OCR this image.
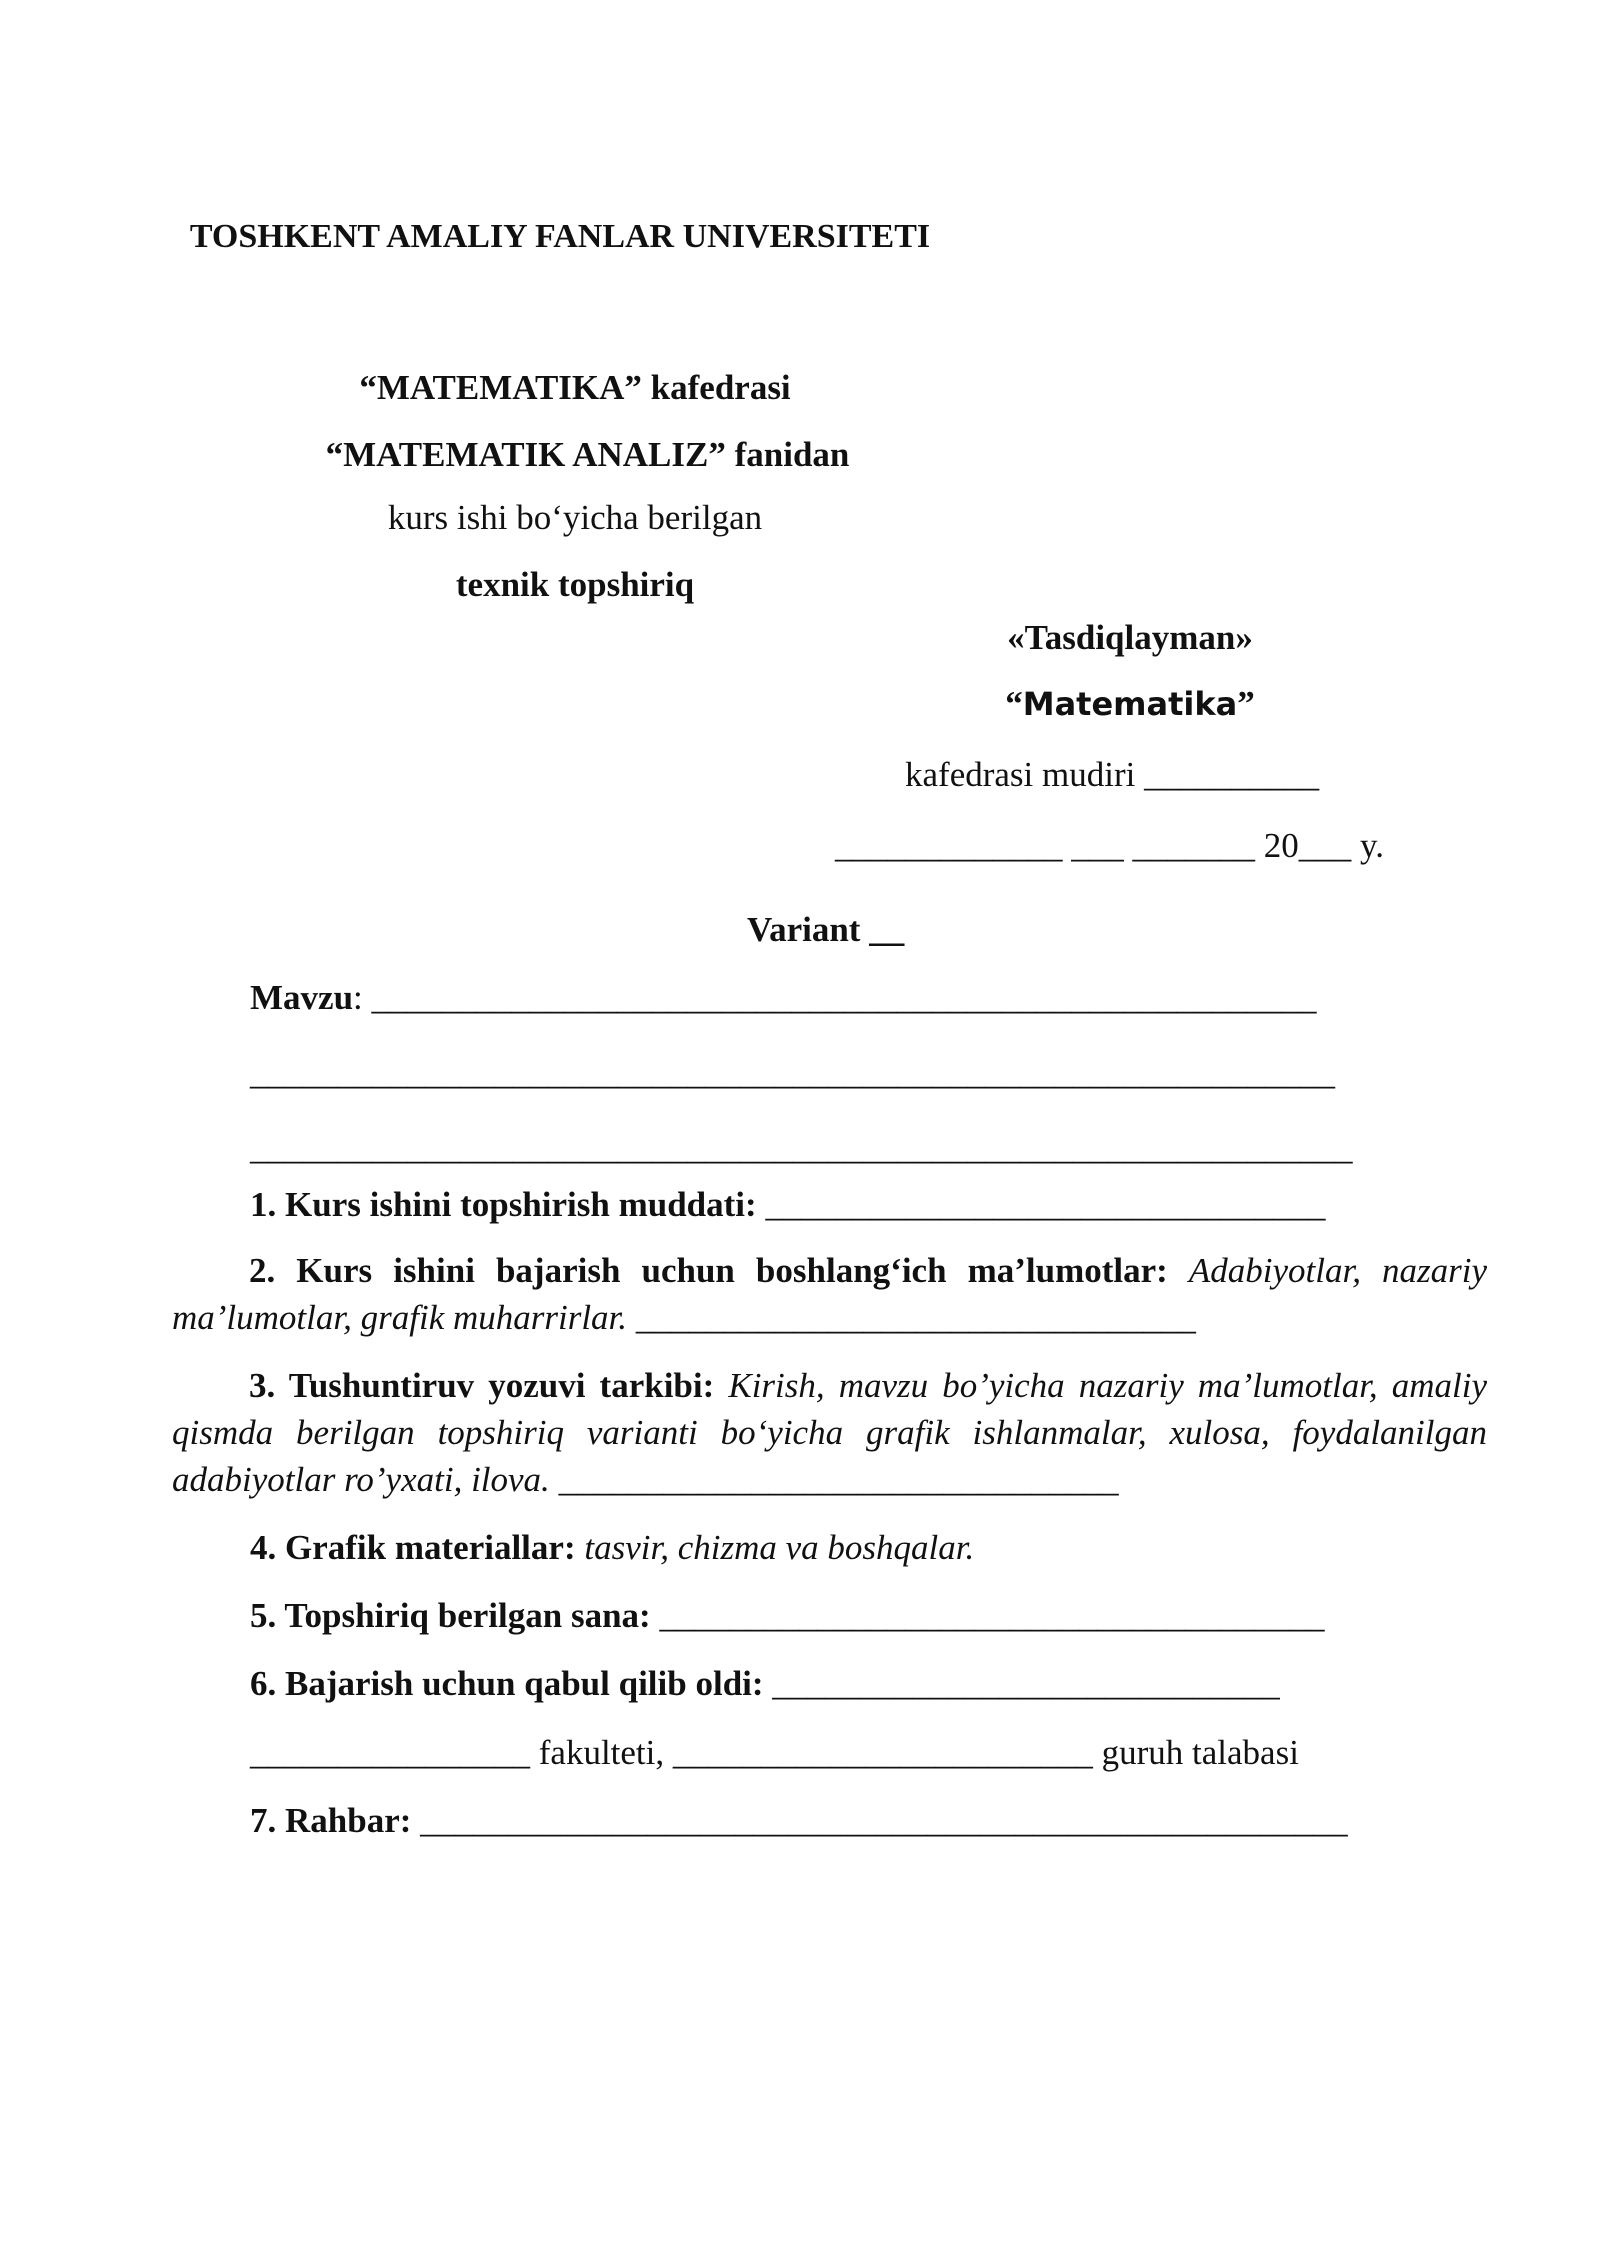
TOSHKENT AMALIY FANLAR UNIVERSITETI
“MATEMATIKA” kafedrasi
“MATEMATIK ANALIZ” fanidan
kurs ishi bo‘yicha berilgan
texnik topshiriq
«Tasdiqlayman»
“Matematika”
kafedrasi mudiri __________
_____________ ___ _______ 20___ y.
Variant __
Mavzu: ______________________________________________________
______________________________________________________________
_______________________________________________________________
1. Kurs ishini topshirish muddati: ________________________________
2. Kurs ishini bajarish uchun boshlang‘ich ma’lumotlar: Adabiyotlar, nazariy ma’lumotlar, grafik muharrirlar. ________________________________
3. Tushuntiruv yozuvi tarkibi: Kirish, mavzu bo’yicha nazariy ma’lumotlar, amaliy qismda berilgan topshiriq varianti bo‘yicha grafik ishlanmalar, xulosa, foydalanilgan adabiyotlar ro’yxati, ilova. ________________________________
4. Grafik materiallar: tasvir, chizma va boshqalar.
5. Topshiriq berilgan sana: ______________________________________
6. Bajarish uchun qabul qilib oldi: _____________________________
________________ fakulteti, ________________________ guruh talabasi
7. Rahbar: _____________________________________________________
